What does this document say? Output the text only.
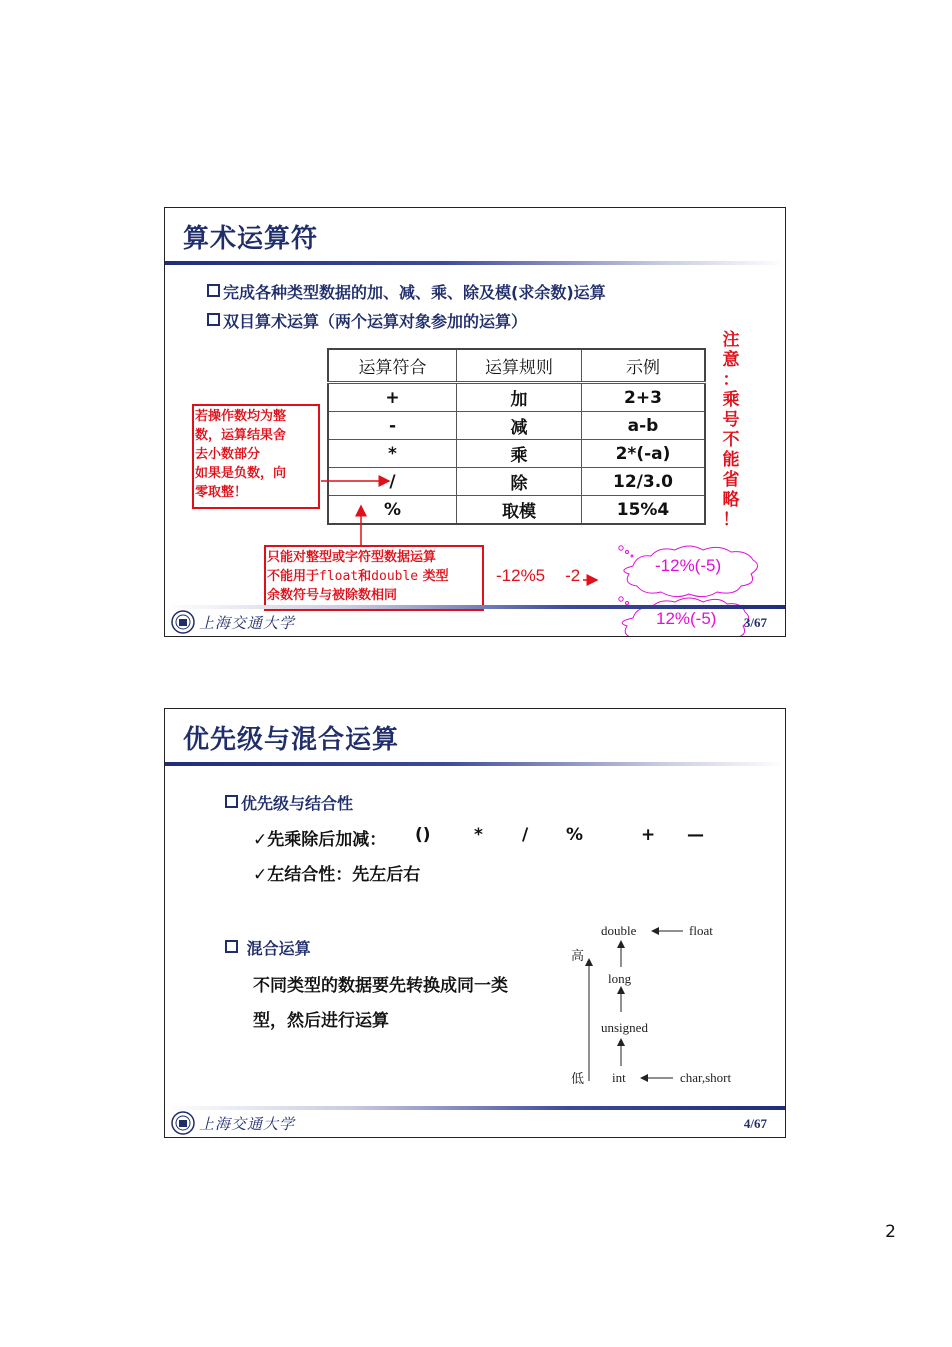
算术运算符
完成各种类型数据的加、减、乘、除及模(求余数)运算
双目算术运算（两个运算对象参加的运算）
运算符合	运算规则	示例
+	加	2+3
-	减	a-b
*	乘	2*(-a)
/	除	12/3.0
%	取模	15%4
注
意
：
乘
号
不
能
省
略
！
若操作数均为整
数，运算结果舍
去小数部分
如果是负数，向
零取整！
只能对整型或字符型数据运算
不能用于float和double 类型
余数符号与被除数相同
-12%5 -2
-12%(-5)
12%(-5)
上海交通大学	3/67
优先级与混合运算
优先级与结合性
✓先乘除后加减： ()	* / %	+ —
✓左结合性：先左后右
混合运算
不同类型的数据要先转换成同一类
型，然后进行运算
高
低
double	float
long
unsigned
int	char,short
上海交通大学	4/67
2
